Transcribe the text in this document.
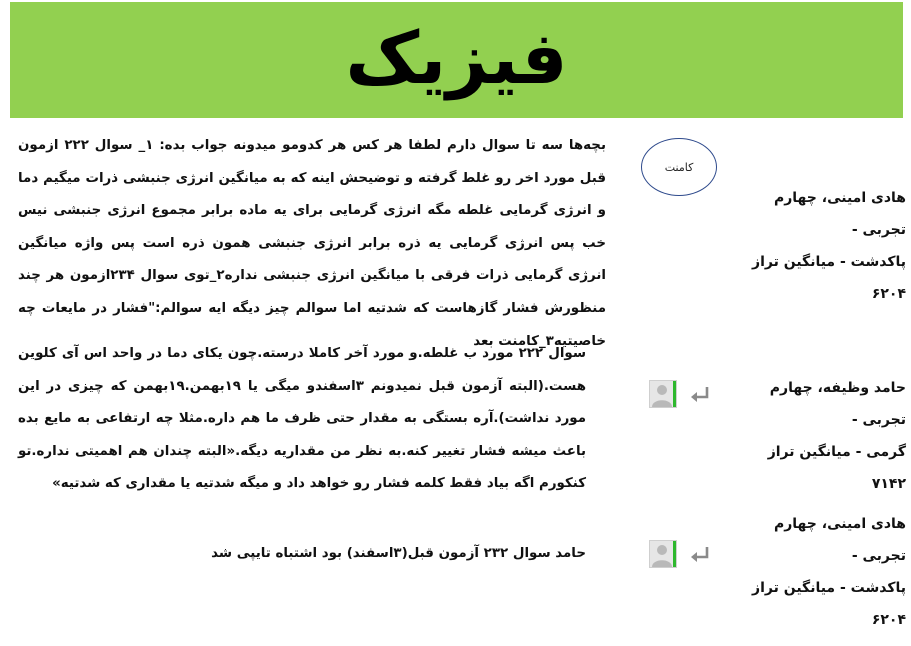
فیزیک
بچه‌ها سه تا سوال دارم لطفا هر کس هر کدومو میدونه جواب بده: ۱_ سوال ۲۲۲ ازمون قبل مورد اخر رو غلط گرفته و توضیحش اینه که به میانگین انرژی جنبشی ذرات میگیم دما و انرژی گرمایی غلطه مگه انرژی گرمایی برای یه ماده برابر مجموع انرژی جنبشی نیس خب پس انرژی گرمایی یه ذره برابر انرژی جنبشی همون ذره است پس واژه میانگین انرژی گرمایی ذرات فرقی با میانگین انرژی جنبشی نداره۲_توی سوال ۲۳۴ازمون هر چند منظورش فشار گازهاست که شدتیه اما سوالم چیز دیگه ایه سوالم:"فشار در مایعات چه خاصیتیه۳_کامنت بعد
کامنت
هادی امینی، چهارم تجربی -
پاکدشت - میانگین تراز
۶۲۰۴
سوال ۲۲۲ مورد ب غلطه.و مورد آخر کاملا درسته.چون یکای دما در واحد اس آی کلوین هست.(البته آزمون قبل نمیدونم ۳اسفندو میگی یا ۱۹بهمن.۱۹بهمن که چیزی در این مورد نداشت).آره بستگی به مقدار حتی ظرف ما هم داره.مثلا چه ارتفاعی به مایع بده باعث میشه فشار تغییر کنه.به نظر من مقداریه دیگه.«البته چندان هم اهمیتی نداره.تو کنکورم اگه بیاد فقط کلمه فشار رو خواهد داد و میگه شدتیه یا مقداری که شدتیه»
حامد وظیفه، چهارم تجربی -
گرمی - میانگین تراز
۷۱۴۲
حامد سوال ۲۳۲ آزمون قبل(۳اسفند) بود اشتباه تایپی شد
هادی امینی، چهارم تجربی -
پاکدشت - میانگین تراز
۶۲۰۴
